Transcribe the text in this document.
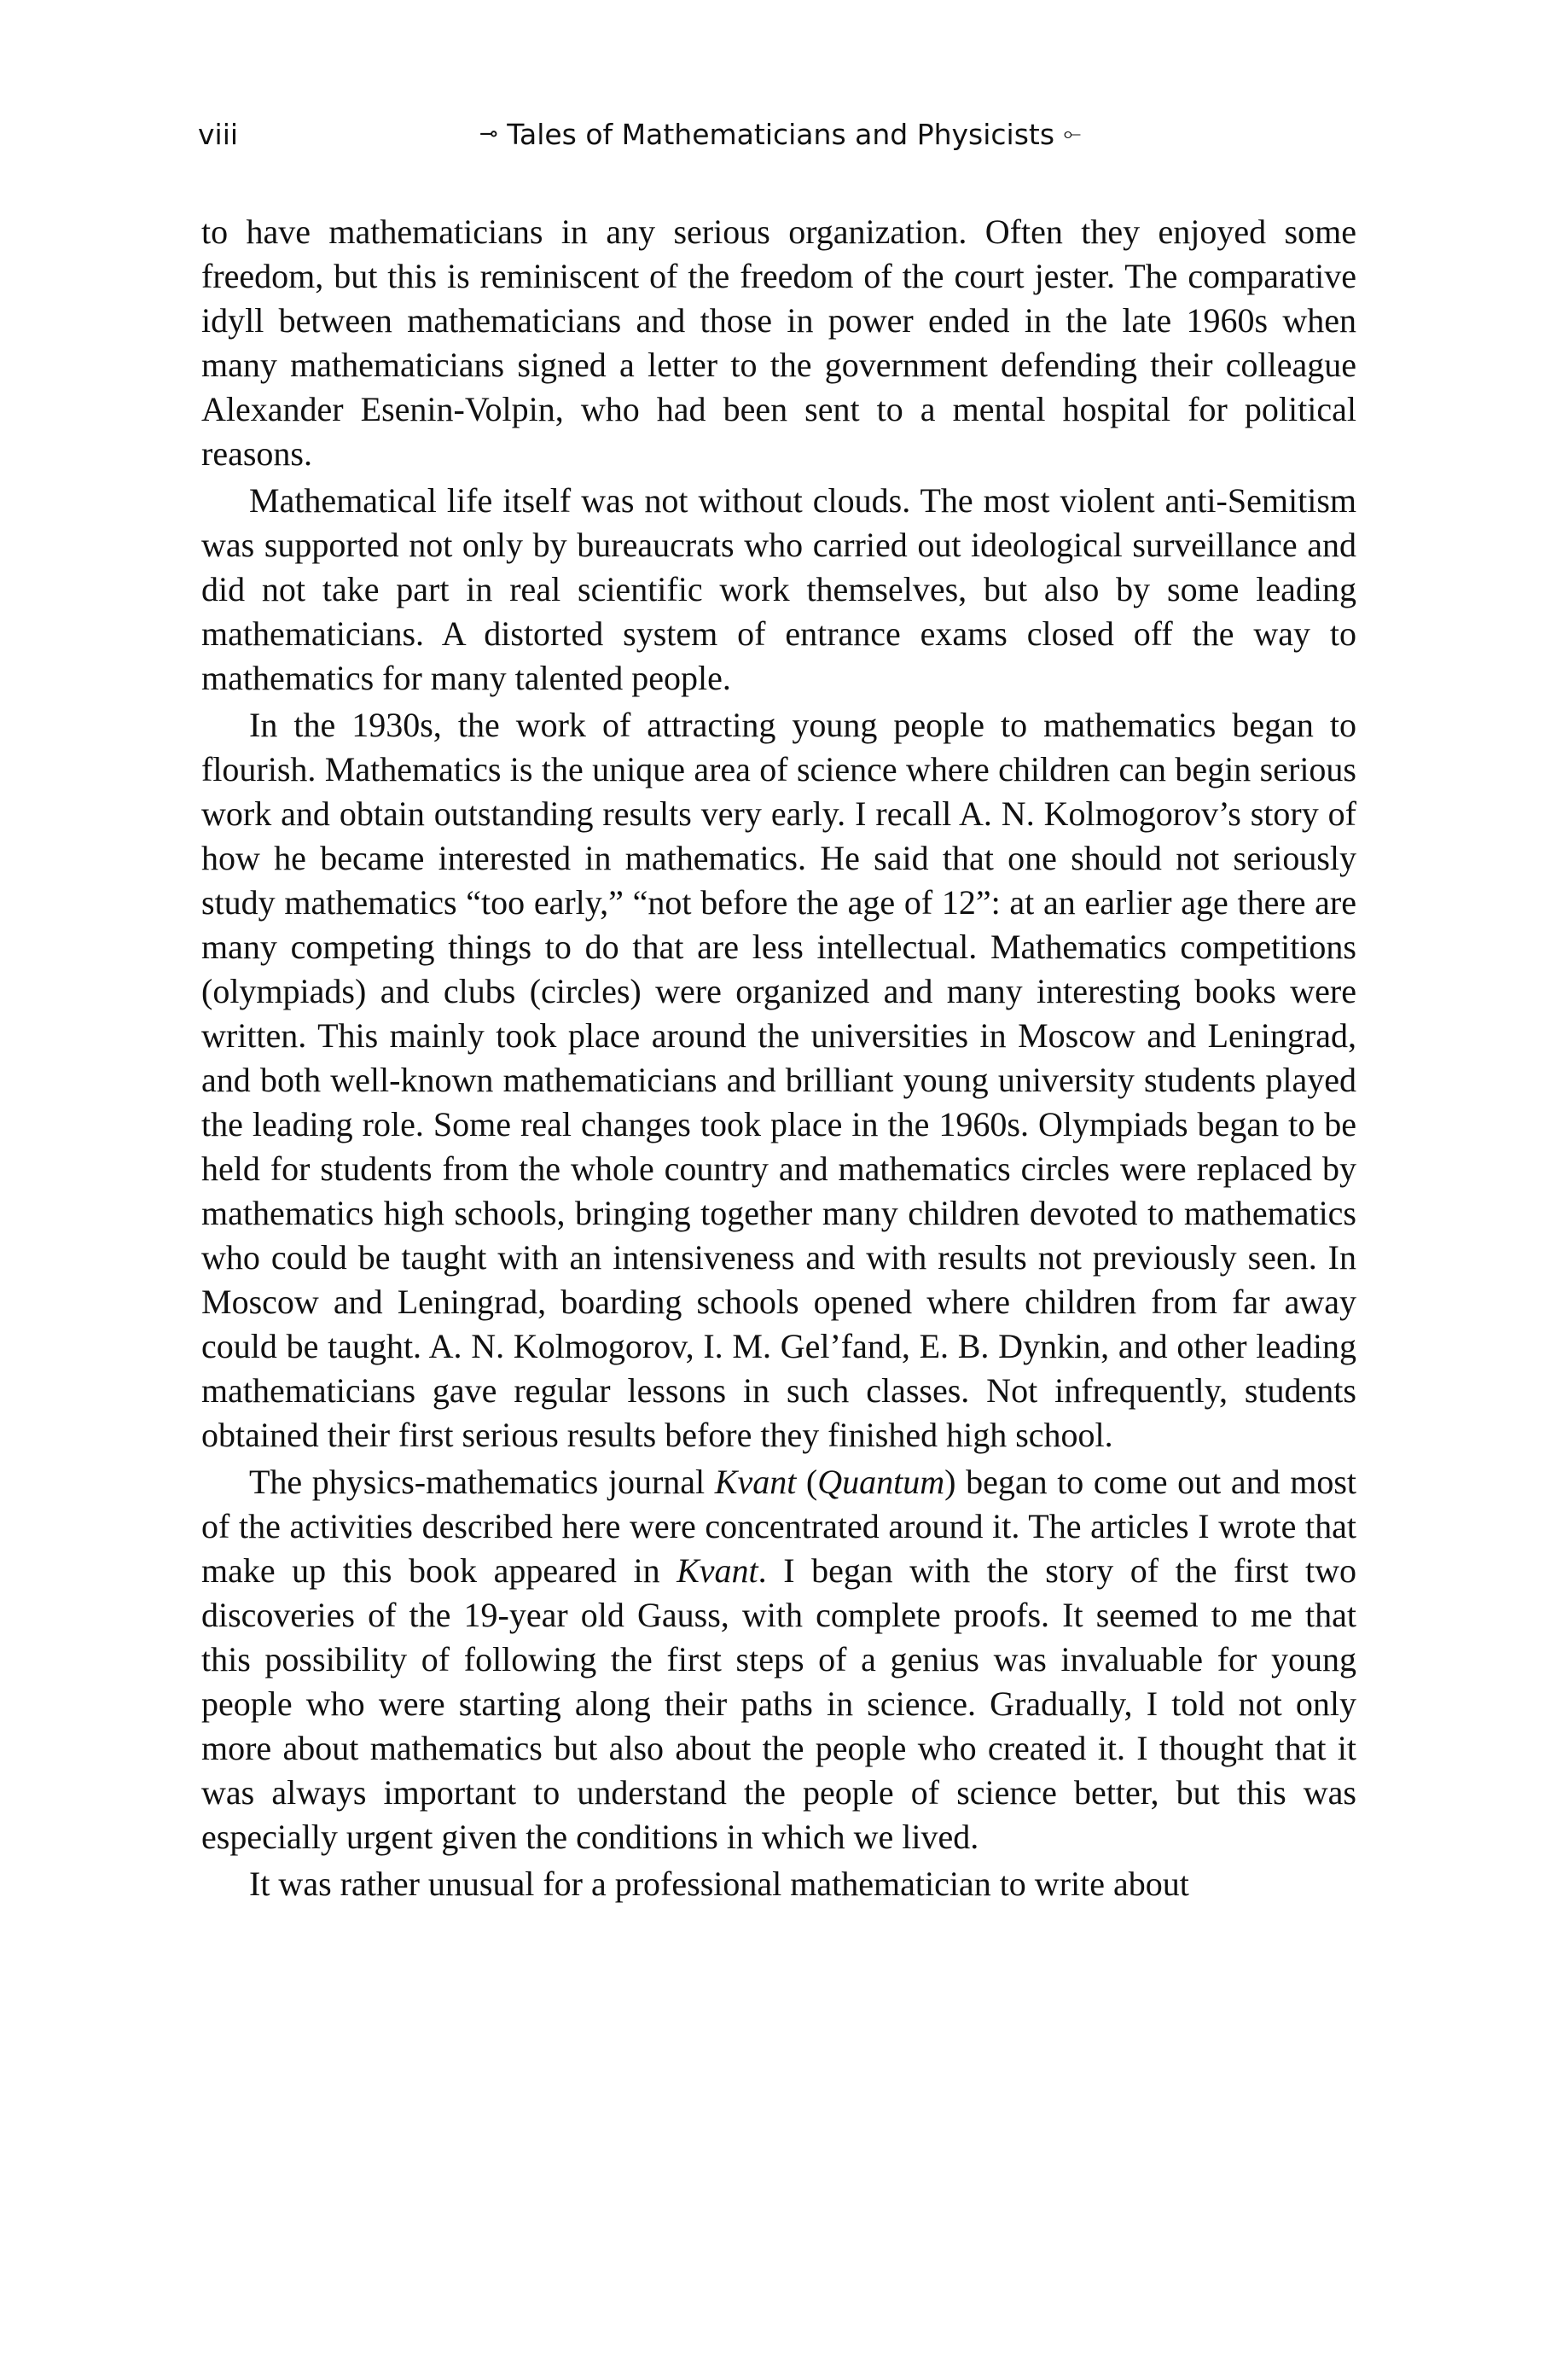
viii	⊸ Tales of Mathematicians and Physicists ⟜

to have mathematicians in any serious organization. Often they enjoyed some freedom, but this is reminiscent of the freedom of the court jester. The comparative idyll between mathematicians and those in power ended in the late 1960s when many mathematicians signed a letter to the government defending their colleague Alexander Esenin-Volpin, who had been sent to a mental hospital for political reasons.

Mathematical life itself was not without clouds. The most violent anti-Semitism was supported not only by bureaucrats who carried out ideological surveillance and did not take part in real scientific work themselves, but also by some leading mathematicians. A distorted system of entrance exams closed off the way to mathematics for many talented people.

In the 1930s, the work of attracting young people to mathematics began to flourish. Mathematics is the unique area of science where children can begin serious work and obtain outstanding results very early. I recall A. N. Kolmogorov’s story of how he became interested in mathematics. He said that one should not seriously study mathematics “too early,” “not before the age of 12”: at an earlier age there are many competing things to do that are less intellectual. Mathematics competitions (olympiads) and clubs (circles) were organized and many interesting books were written. This mainly took place around the universities in Moscow and Leningrad, and both well-known mathematicians and brilliant young university students played the leading role. Some real changes took place in the 1960s. Olympiads began to be held for students from the whole country and mathematics circles were replaced by mathematics high schools, bringing together many children devoted to mathematics who could be taught with an intensiveness and with results not previously seen. In Moscow and Leningrad, boarding schools opened where children from far away could be taught. A. N. Kolmogorov, I. M. Gel’fand, E. B. Dynkin, and other leading mathematicians gave regular lessons in such classes. Not infrequently, students obtained their first serious results before they finished high school.

The physics-mathematics journal Kvant (Quantum) began to come out and most of the activities described here were concentrated around it. The articles I wrote that make up this book appeared in Kvant. I began with the story of the first two discoveries of the 19-year old Gauss, with complete proofs. It seemed to me that this possibility of following the first steps of a genius was invaluable for young people who were starting along their paths in science. Gradually, I told not only more about mathematics but also about the people who created it. I thought that it was always important to understand the people of science better, but this was especially urgent given the conditions in which we lived.

It was rather unusual for a professional mathematician to write about
